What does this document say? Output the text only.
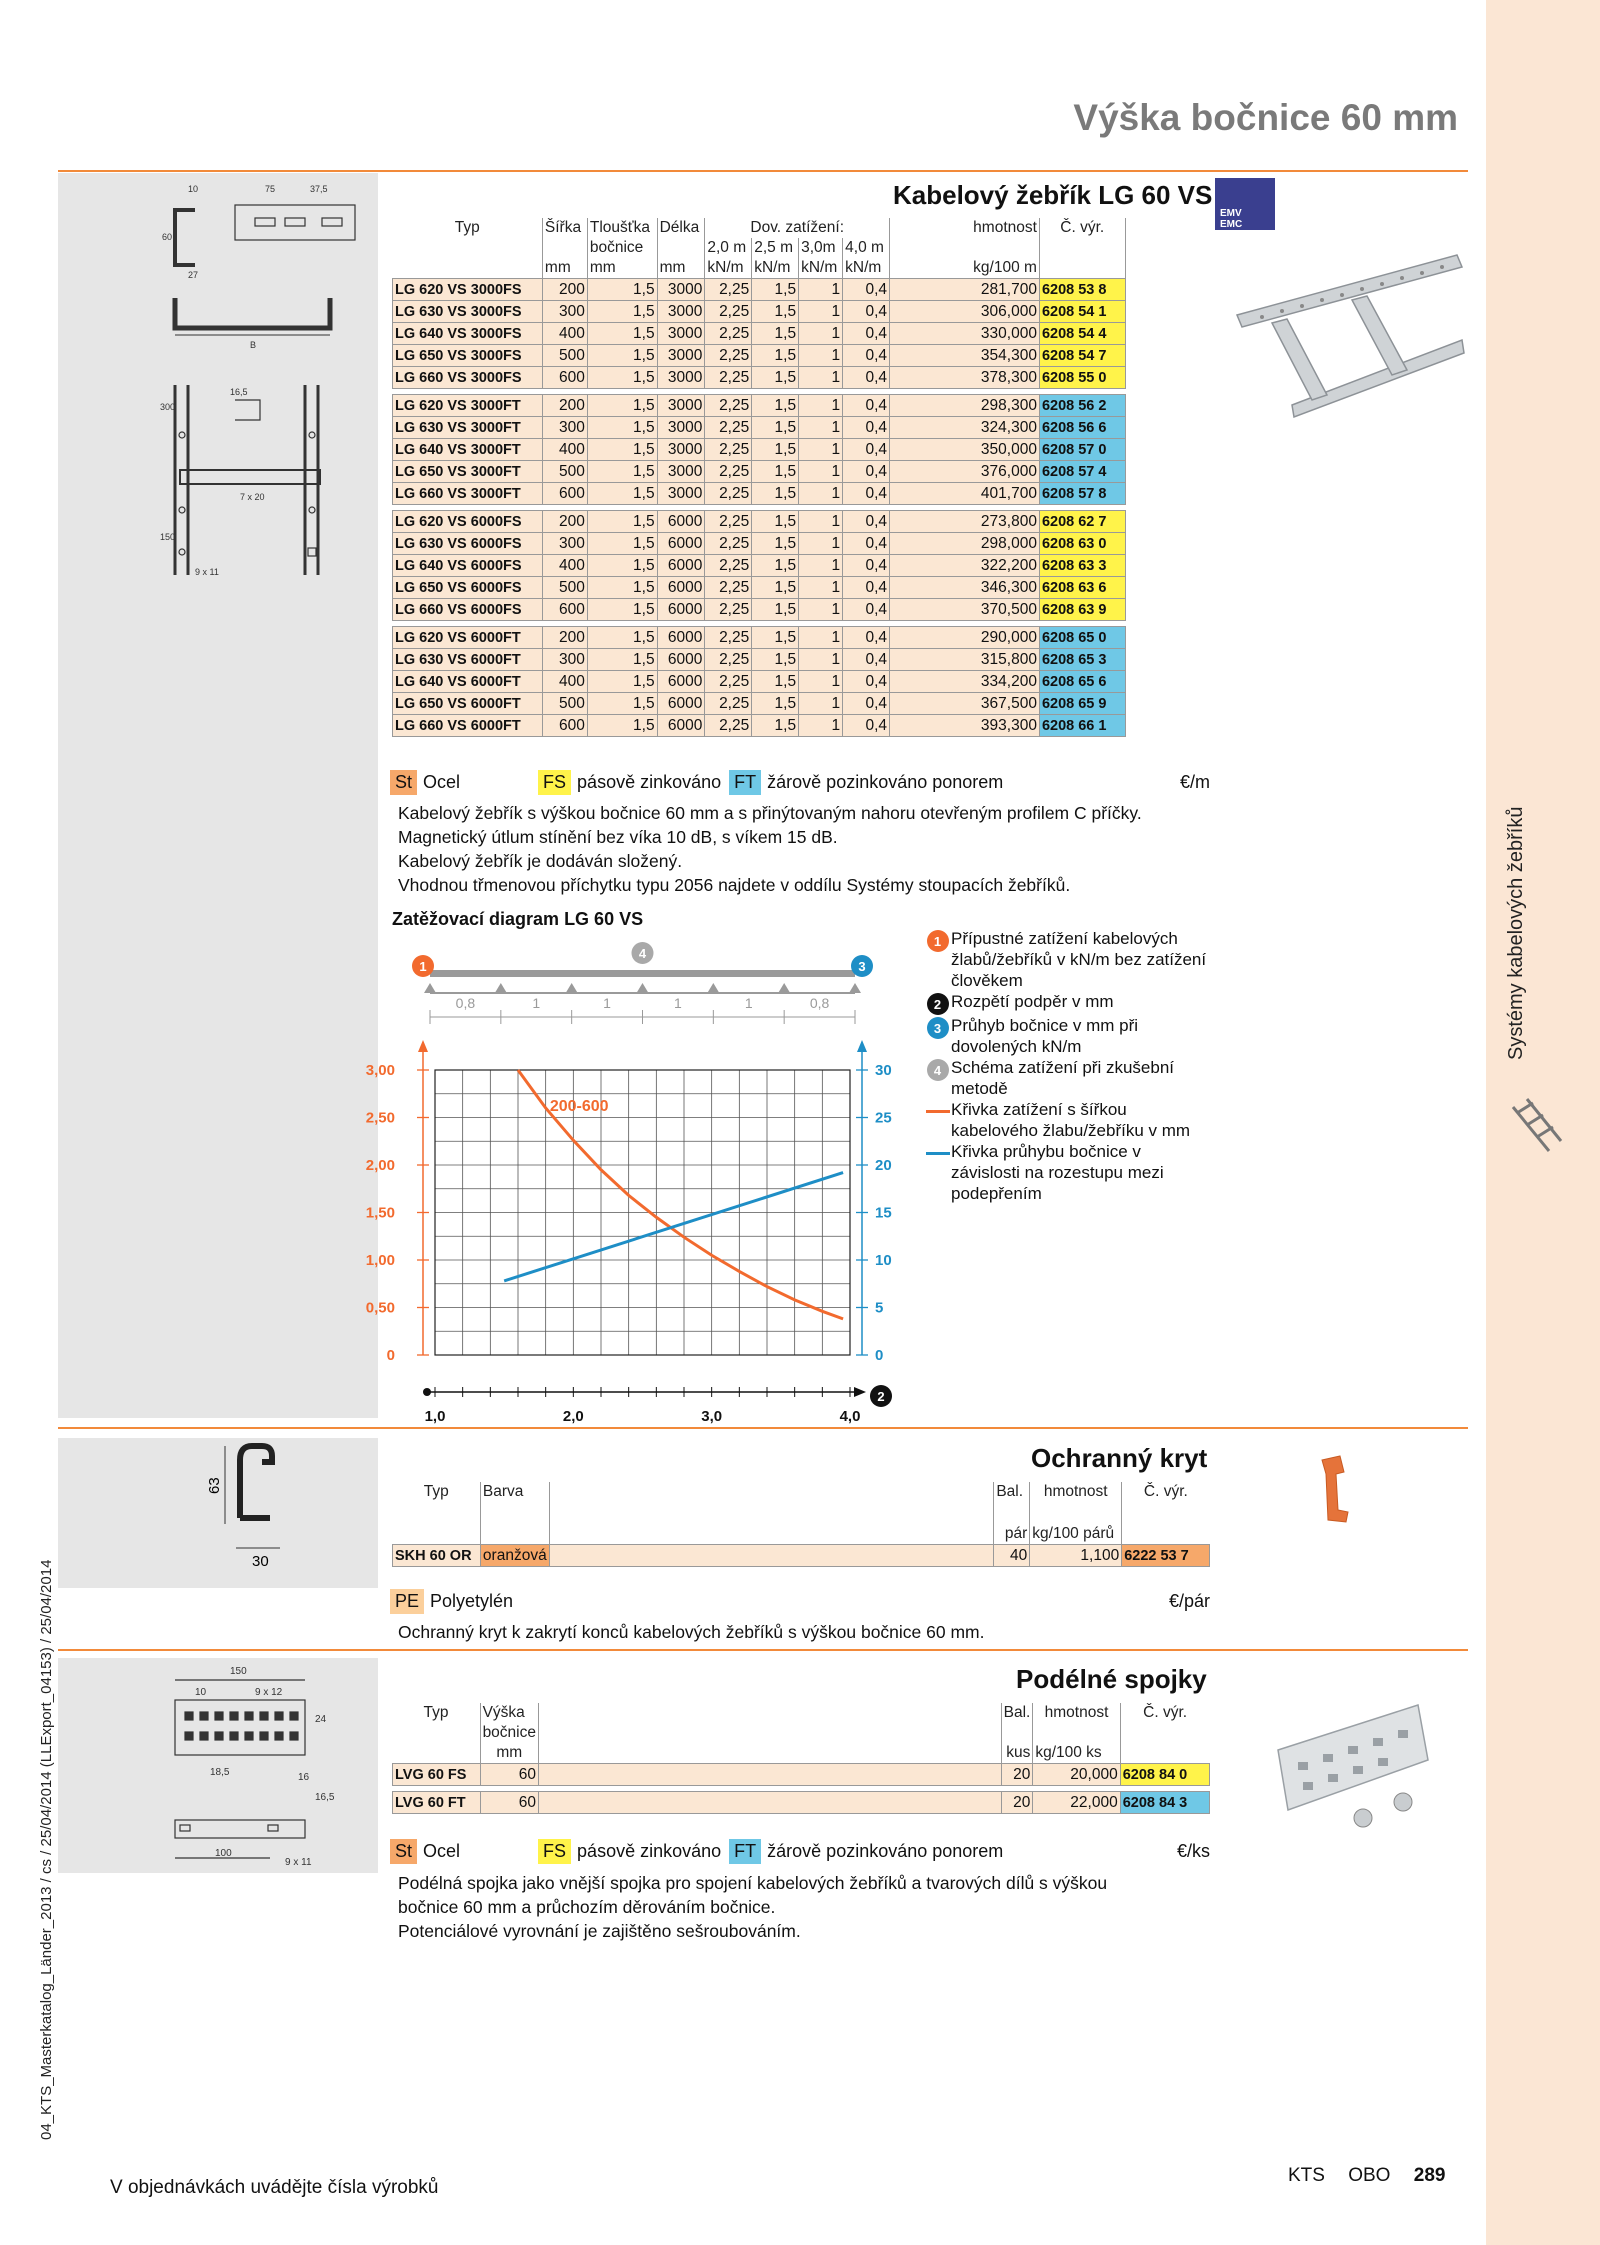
Systémy kabelových žebříků
04_KTS_Masterkatalog_Länder_2013 / cs / 25/04/2014 (LLExport_04153) / 25/04/2014
Výška bočnice 60 mm
Kabelový žebřík LG 60 VS
EMV
EMC
10	75	37,5
27
60
B
300
16,5
7 x 20
150
9 x 11
Typ	Šířka	Tloušťka	Délka	Dov. zatížení:				hmotnost	Č. výr.	
		bočnice		2,0 m	2,5 m	3,0m	4,0 m			
	mm	mm	mm	kN/m	kN/m	kN/m	kN/m	kg/100 m		
LG 620 VS 3000FS	200	1,5	3000	2,25	1,5	1	0,4	281,700	6208 53 8	
LG 630 VS 3000FS	300	1,5	3000	2,25	1,5	1	0,4	306,000	6208 54 1	
LG 640 VS 3000FS	400	1,5	3000	2,25	1,5	1	0,4	330,000	6208 54 4	
LG 650 VS 3000FS	500	1,5	3000	2,25	1,5	1	0,4	354,300	6208 54 7	
LG 660 VS 3000FS	600	1,5	3000	2,25	1,5	1	0,4	378,300	6208 55 0	

LG 620 VS 3000FT	200	1,5	3000	2,25	1,5	1	0,4	298,300	6208 56 2	
LG 630 VS 3000FT	300	1,5	3000	2,25	1,5	1	0,4	324,300	6208 56 6	
LG 640 VS 3000FT	400	1,5	3000	2,25	1,5	1	0,4	350,000	6208 57 0	
LG 650 VS 3000FT	500	1,5	3000	2,25	1,5	1	0,4	376,000	6208 57 4	
LG 660 VS 3000FT	600	1,5	3000	2,25	1,5	1	0,4	401,700	6208 57 8	

LG 620 VS 6000FS	200	1,5	6000	2,25	1,5	1	0,4	273,800	6208 62 7	
LG 630 VS 6000FS	300	1,5	6000	2,25	1,5	1	0,4	298,000	6208 63 0	
LG 640 VS 6000FS	400	1,5	6000	2,25	1,5	1	0,4	322,200	6208 63 3	
LG 650 VS 6000FS	500	1,5	6000	2,25	1,5	1	0,4	346,300	6208 63 6	
LG 660 VS 6000FS	600	1,5	6000	2,25	1,5	1	0,4	370,500	6208 63 9	

LG 620 VS 6000FT	200	1,5	6000	2,25	1,5	1	0,4	290,000	6208 65 0	
LG 630 VS 6000FT	300	1,5	6000	2,25	1,5	1	0,4	315,800	6208 65 3	
LG 640 VS 6000FT	400	1,5	6000	2,25	1,5	1	0,4	334,200	6208 65 6	
LG 650 VS 6000FT	500	1,5	6000	2,25	1,5	1	0,4	367,500	6208 65 9	
LG 660 VS 6000FT	600	1,5	6000	2,25	1,5	1	0,4	393,300	6208 66 1	
St Ocel	FS pásově zinkováno FT žárově pozinkováno ponorem	€/m
Kabelový žebřík s výškou bočnice 60 mm a s přinýtovaným nahoru otevřeným profilem C příčky.
Magnetický útlum stínění bez víka 10 dB, s víkem 15 dB.
Kabelový žebřík je dodáván složený.
Vhodnou třmenovou příchytku typu 2056 najdete v oddílu Systémy stoupacích žebříků.
Zatěžovací diagram LG 60 VS
0
0,50
1,00
1,50
2,00
2,50
3,00
0
5
10
15
20
25
30
1,0	2,0	3,0	4,0
200-600
0,8	1	1	1	1	0,8
1
2
3
4
1 Přípustné zatížení kabelových žlabů/žebříků v kN/m bez zatížení člověkem
2 Rozpětí podpěr v mm
3 Průhyb bočnice v mm při dovolených kN/m
4 Schéma zatížení při zkušební metodě
Křivka zatížení s šířkou kabelového žlabu/žebříku v mm
Křivka průhybu bočnice v závislosti na rozestupu mezi podepřením
63
30
Ochranný kryt
Typ	Barva		Bal.	hmotnost	Č. výr.

			pár	kg/100 párů	
SKH 60 OR	oranžová		40	1,100	6222 53 7
PE Polyetylén	€/pár
Ochranný kryt k zakrytí konců kabelových žebříků s výškou bočnice 60 mm.
150
10	9 x 12
24
18,5	16
16,5
100
9 x 11
Podélné spojky
Typ	Výška		Bal.	hmotnost	Č. výr.
	bočnice				
	mm		kus	kg/100 ks	
LVG 60 FS	60		20	20,000	6208 84 0

LVG 60 FT	60		20	22,000	6208 84 3
St Ocel	FS pásově zinkováno FT žárově pozinkováno ponorem	€/ks
Podélná spojka jako vnější spojka pro spojení kabelových žebříků a tvarových dílů s výškou
bočnice 60 mm a průchozím děrováním bočnice.
Potenciálové vyrovnání je zajištěno sešroubováním.
V objednávkách uvádějte čísla výrobků
KTS OBO 289
